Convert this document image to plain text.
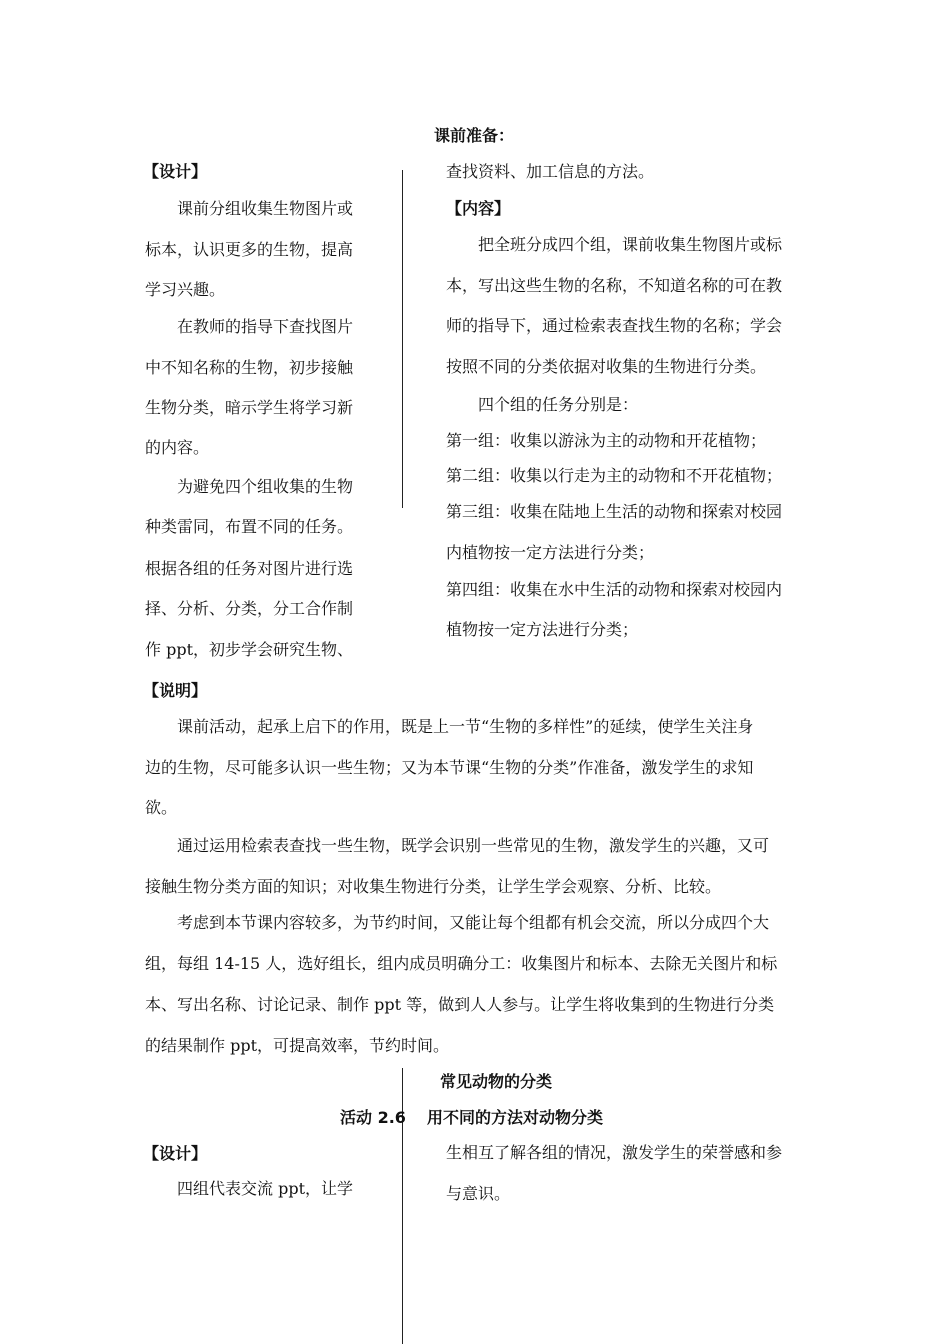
课前准备：
【设计】
课前分组收集生物图片或
标本，认识更多的生物，提高
学习兴趣。
在教师的指导下查找图片
中不知名称的生物，初步接触
生物分类，暗示学生将学习新
的内容。
为避免四个组收集的生物
种类雷同，布置不同的任务。
根据各组的任务对图片进行选
择、分析、分类，分工合作制
作 ppt，初步学会研究生物、
查找资料、加工信息的方法。
【内容】
把全班分成四个组，课前收集生物图片或标
本，写出这些生物的名称，不知道名称的可在教
师的指导下，通过检索表查找生物的名称；学会
按照不同的分类依据对收集的生物进行分类。
四个组的任务分别是：
第一组：收集以游泳为主的动物和开花植物；
第二组：收集以行走为主的动物和不开花植物；
第三组：收集在陆地上生活的动物和探索对校园
内植物按一定方法进行分类；
第四组：收集在水中生活的动物和探索对校园内
植物按一定方法进行分类；
【说明】
课前活动，起承上启下的作用，既是上一节“生物的多样性”的延续，使学生关注身
边的生物，尽可能多认识一些生物；又为本节课“生物的分类”作准备，激发学生的求知
欲。
通过运用检索表查找一些生物，既学会识别一些常见的生物，激发学生的兴趣，又可
接触生物分类方面的知识；对收集生物进行分类，让学生学会观察、分析、比较。
考虑到本节课内容较多，为节约时间，又能让每个组都有机会交流，所以分成四个大
组，每组 14-15 人，选好组长，组内成员明确分工：收集图片和标本、去除无关图片和标
本、写出名称、讨论记录、制作 ppt 等，做到人人参与。让学生将收集到的生物进行分类
的结果制作 ppt，可提高效率，节约时间。
常见动物的分类
活动 2.6 用不同的方法对动物分类
【设计】
四组代表交流 ppt，让学
生相互了解各组的情况，激发学生的荣誉感和参
与意识。
